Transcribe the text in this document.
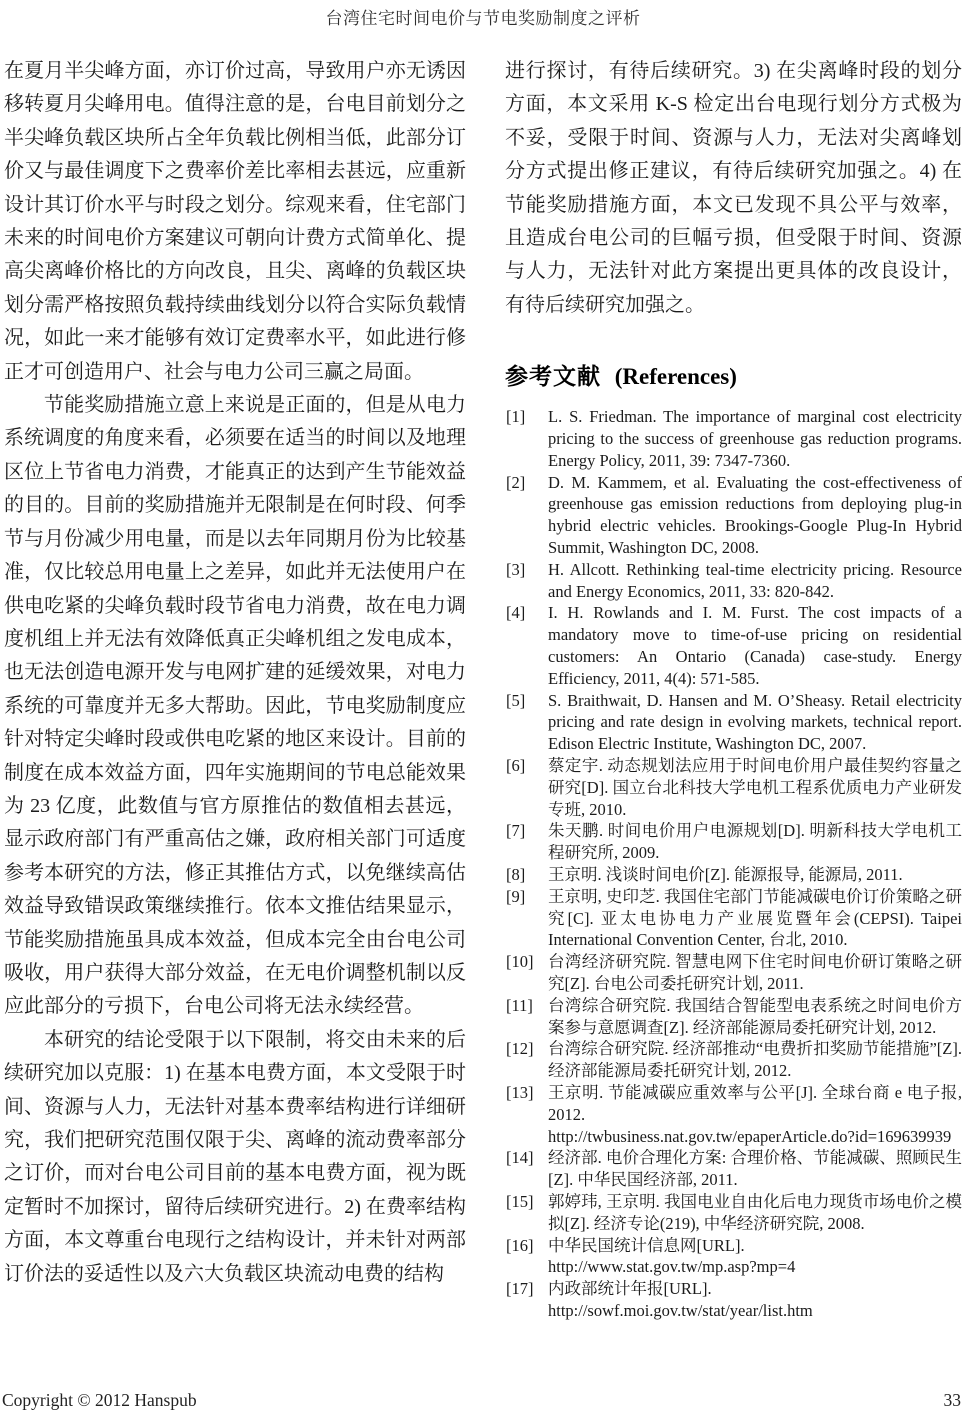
台湾住宅时间电价与节电奖励制度之评析

在夏月半尖峰方面，亦订价过高，导致用户亦无诱因移转夏月尖峰用电。值得注意的是，台电目前划分之半尖峰负载区块所占全年负载比例相当低，此部分订价又与最佳调度下之费率价差比率相去甚远，应重新设计其订价水平与时段之划分。综观来看，住宅部门未来的时间电价方案建议可朝向计费方式简单化、提高尖离峰价格比的方向改良，且尖、离峰的负载区块划分需严格按照负载持续曲线划分以符合实际负载情况，如此一来才能够有效订定费率水平，如此进行修正才可创造用户、社会与电力公司三赢之局面。

节能奖励措施立意上来说是正面的，但是从电力系统调度的角度来看，必须要在适当的时间以及地理区位上节省电力消费，才能真正的达到产生节能效益的目的。目前的奖励措施并无限制是在何时段、何季节与月份减少用电量，而是以去年同期月份为比较基准，仅比较总用电量上之差异，如此并无法使用户在供电吃紧的尖峰负载时段节省电力消费，故在电力调度机组上并无法有效降低真正尖峰机组之发电成本，也无法创造电源开发与电网扩建的延缓效果，对电力系统的可靠度并无多大帮助。因此，节电奖励制度应针对特定尖峰时段或供电吃紧的地区来设计。目前的制度在成本效益方面，四年实施期间的节电总能效果为 23 亿度，此数值与官方原推估的数值相去甚远，显示政府部门有严重高估之嫌，政府相关部门可适度参考本研究的方法，修正其推估方式，以免继续高估效益导致错误政策继续推行。依本文推估结果显示，节能奖励措施虽具成本效益，但成本完全由台电公司吸收，用户获得大部分效益，在无电价调整机制以反应此部分的亏损下，台电公司将无法永续经营。

本研究的结论受限于以下限制，将交由未来的后续研究加以克服：1) 在基本电费方面，本文受限于时间、资源与人力，无法针对基本费率结构进行详细研究，我们把研究范围仅限于尖、离峰的流动费率部分之订价，而对台电公司目前的基本电费方面，视为既定暂时不加探讨，留待后续研究进行。2) 在费率结构方面，本文尊重台电现行之结构设计，并未针对两部订价法的妥适性以及六大负载区块流动电费的结构

进行探讨，有待后续研究。3) 在尖离峰时段的划分方面，本文采用 K-S 检定出台电现行划分方式极为不妥，受限于时间、资源与人力，无法对尖离峰划分方式提出修正建议，有待后续研究加强之。4) 在节能奖励措施方面，本文已发现不具公平与效率，且造成台电公司的巨幅亏损，但受限于时间、资源与人力，无法针对此方案提出更具体的改良设计，有待后续研究加强之。

参考文献 (References)
[1] L. S. Friedman. The importance of marginal cost electricity pricing to the success of greenhouse gas reduction programs. Energy Policy, 2011, 39: 7347-7360.
[2] D. M. Kammem, et al. Evaluating the cost-effectiveness of greenhouse gas emission reductions from deploying plug-in hybrid electric vehicles. Brookings-Google Plug-In Hybrid Summit, Washington DC, 2008.
[3] H. Allcott. Rethinking teal-time electricity pricing. Resource and Energy Economics, 2011, 33: 820-842.
[4] I. H. Rowlands and I. M. Furst. The cost impacts of a mandatory move to time-of-use pricing on residential customers: An Ontario (Canada) case-study. Energy Efficiency, 2011, 4(4): 571-585.
[5] S. Braithwait, D. Hansen and M. O’Sheasy. Retail electricity pricing and rate design in evolving markets, technical report. Edison Electric Institute, Washington DC, 2007.
[6] 蔡定宇. 动态规划法应用于时间电价用户最佳契约容量之研究[D]. 国立台北科技大学电机工程系优质电力产业研发专班, 2010.
[7] 朱天鹏. 时间电价用户电源规划[D]. 明新科技大学电机工程研究所, 2009.
[8] 王京明. 浅谈时间电价[Z]. 能源报导, 能源局, 2011.
[9] 王京明, 史印芝. 我国住宅部门节能减碳电价订价策略之研究[C]. 亚太电协电力产业展览暨年会(CEPSI). Taipei International Convention Center, 台北, 2010.
[10] 台湾经济研究院. 智慧电网下住宅时间电价研订策略之研究[Z]. 台电公司委托研究计划, 2011.
[11] 台湾综合研究院. 我国结合智能型电表系统之时间电价方案参与意愿调查[Z]. 经济部能源局委托研究计划, 2012.
[12] 台湾综合研究院. 经济部推动“电费折扣奖励节能措施”[Z]. 经济部能源局委托研究计划, 2012.
[13] 王京明. 节能减碳应重效率与公平[J]. 全球台商 e 电子报, 2012.
http://twbusiness.nat.gov.tw/epaperArticle.do?id=169639939
[14] 经济部. 电价合理化方案: 合理价格、节能减碳、照顾民生[Z]. 中华民国经济部, 2011.
[15] 郭婷玮, 王京明. 我国电业自由化后电力现货市场电价之模拟[Z]. 经济专论(219), 中华经济研究院, 2008.
[16] 中华民国统计信息网[URL].
http://www.stat.gov.tw/mp.asp?mp=4
[17] 内政部统计年报[URL].
http://sowf.moi.gov.tw/stat/year/list.htm
Copyright © 2012 Hanspub	33
